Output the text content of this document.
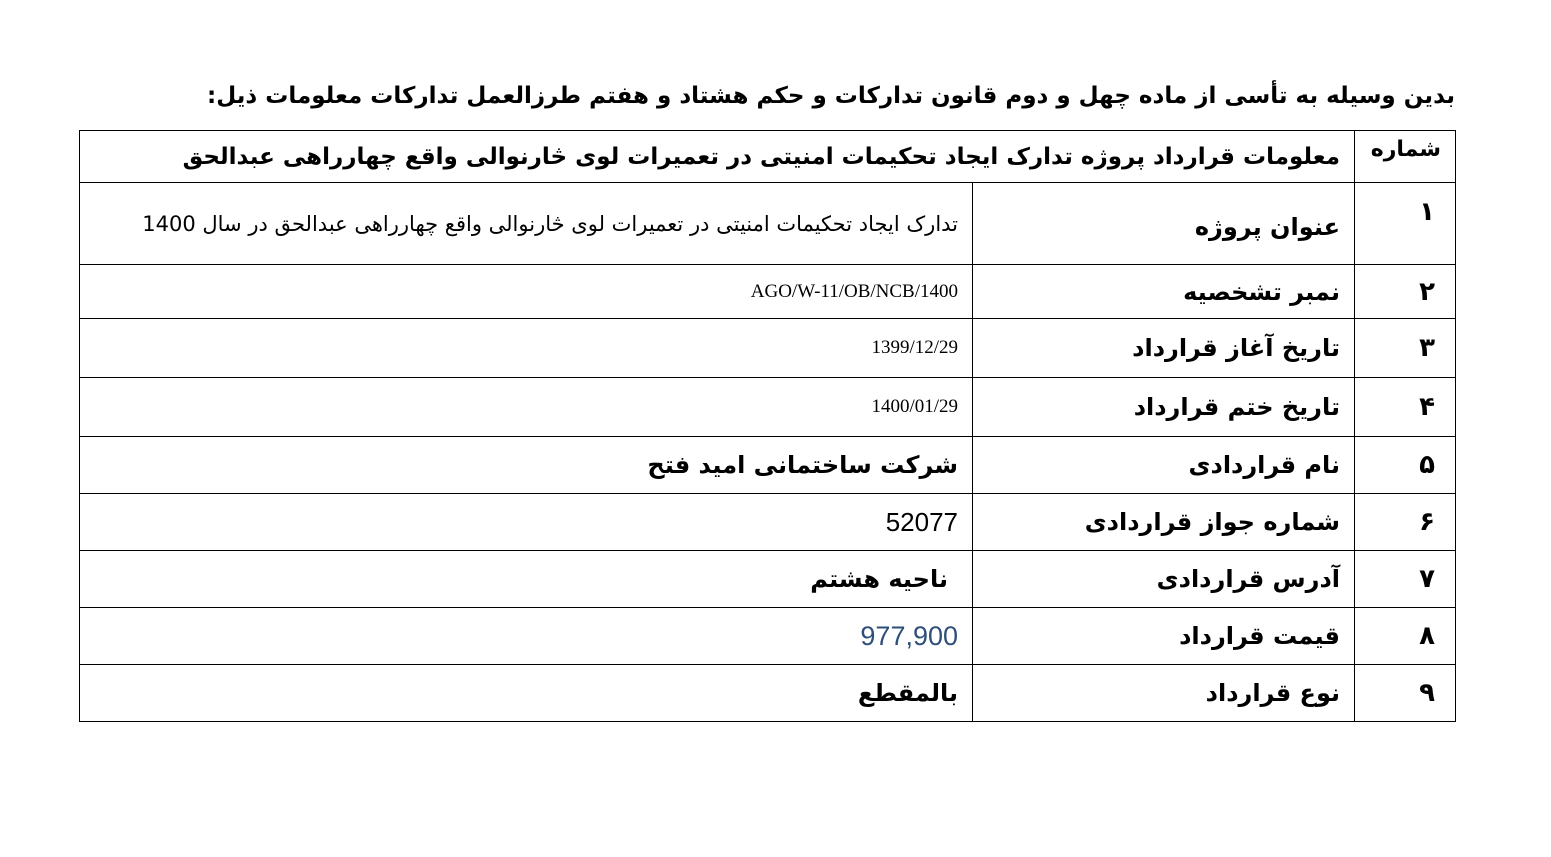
بدین وسیله به تأسی از ماده چهل و دوم قانون تدارکات و حکم هشتاد و هفتم طرزالعمل تدارکات معلومات ذیل:
شماره	معلومات قرارداد پروژه تدارک ایجاد تحکیمات امنیتی در تعمیرات لوی څارنوالی واقع چهارراهی عبدالحق	
۱	عنوان پروژه	تدارک ایجاد تحکیمات امنیتی در تعمیرات لوی څارنوالی واقع چهارراهی عبدالحق در سال 1400
۲	نمبر تشخصیه	AGO/W-11/OB/NCB/1400
۳	تاریخ آغاز قرارداد	1399/12/29
۴	تاریخ ختم قرارداد	1400/01/29
۵	نام قراردادی	شرکت ساختمانی امید فتح
۶	شماره جواز قراردادی	52077
۷	آدرس قراردادی	ناحیه هشتم
۸	قیمت قرارداد	977,900
۹	نوع قرارداد	بالمقطع
